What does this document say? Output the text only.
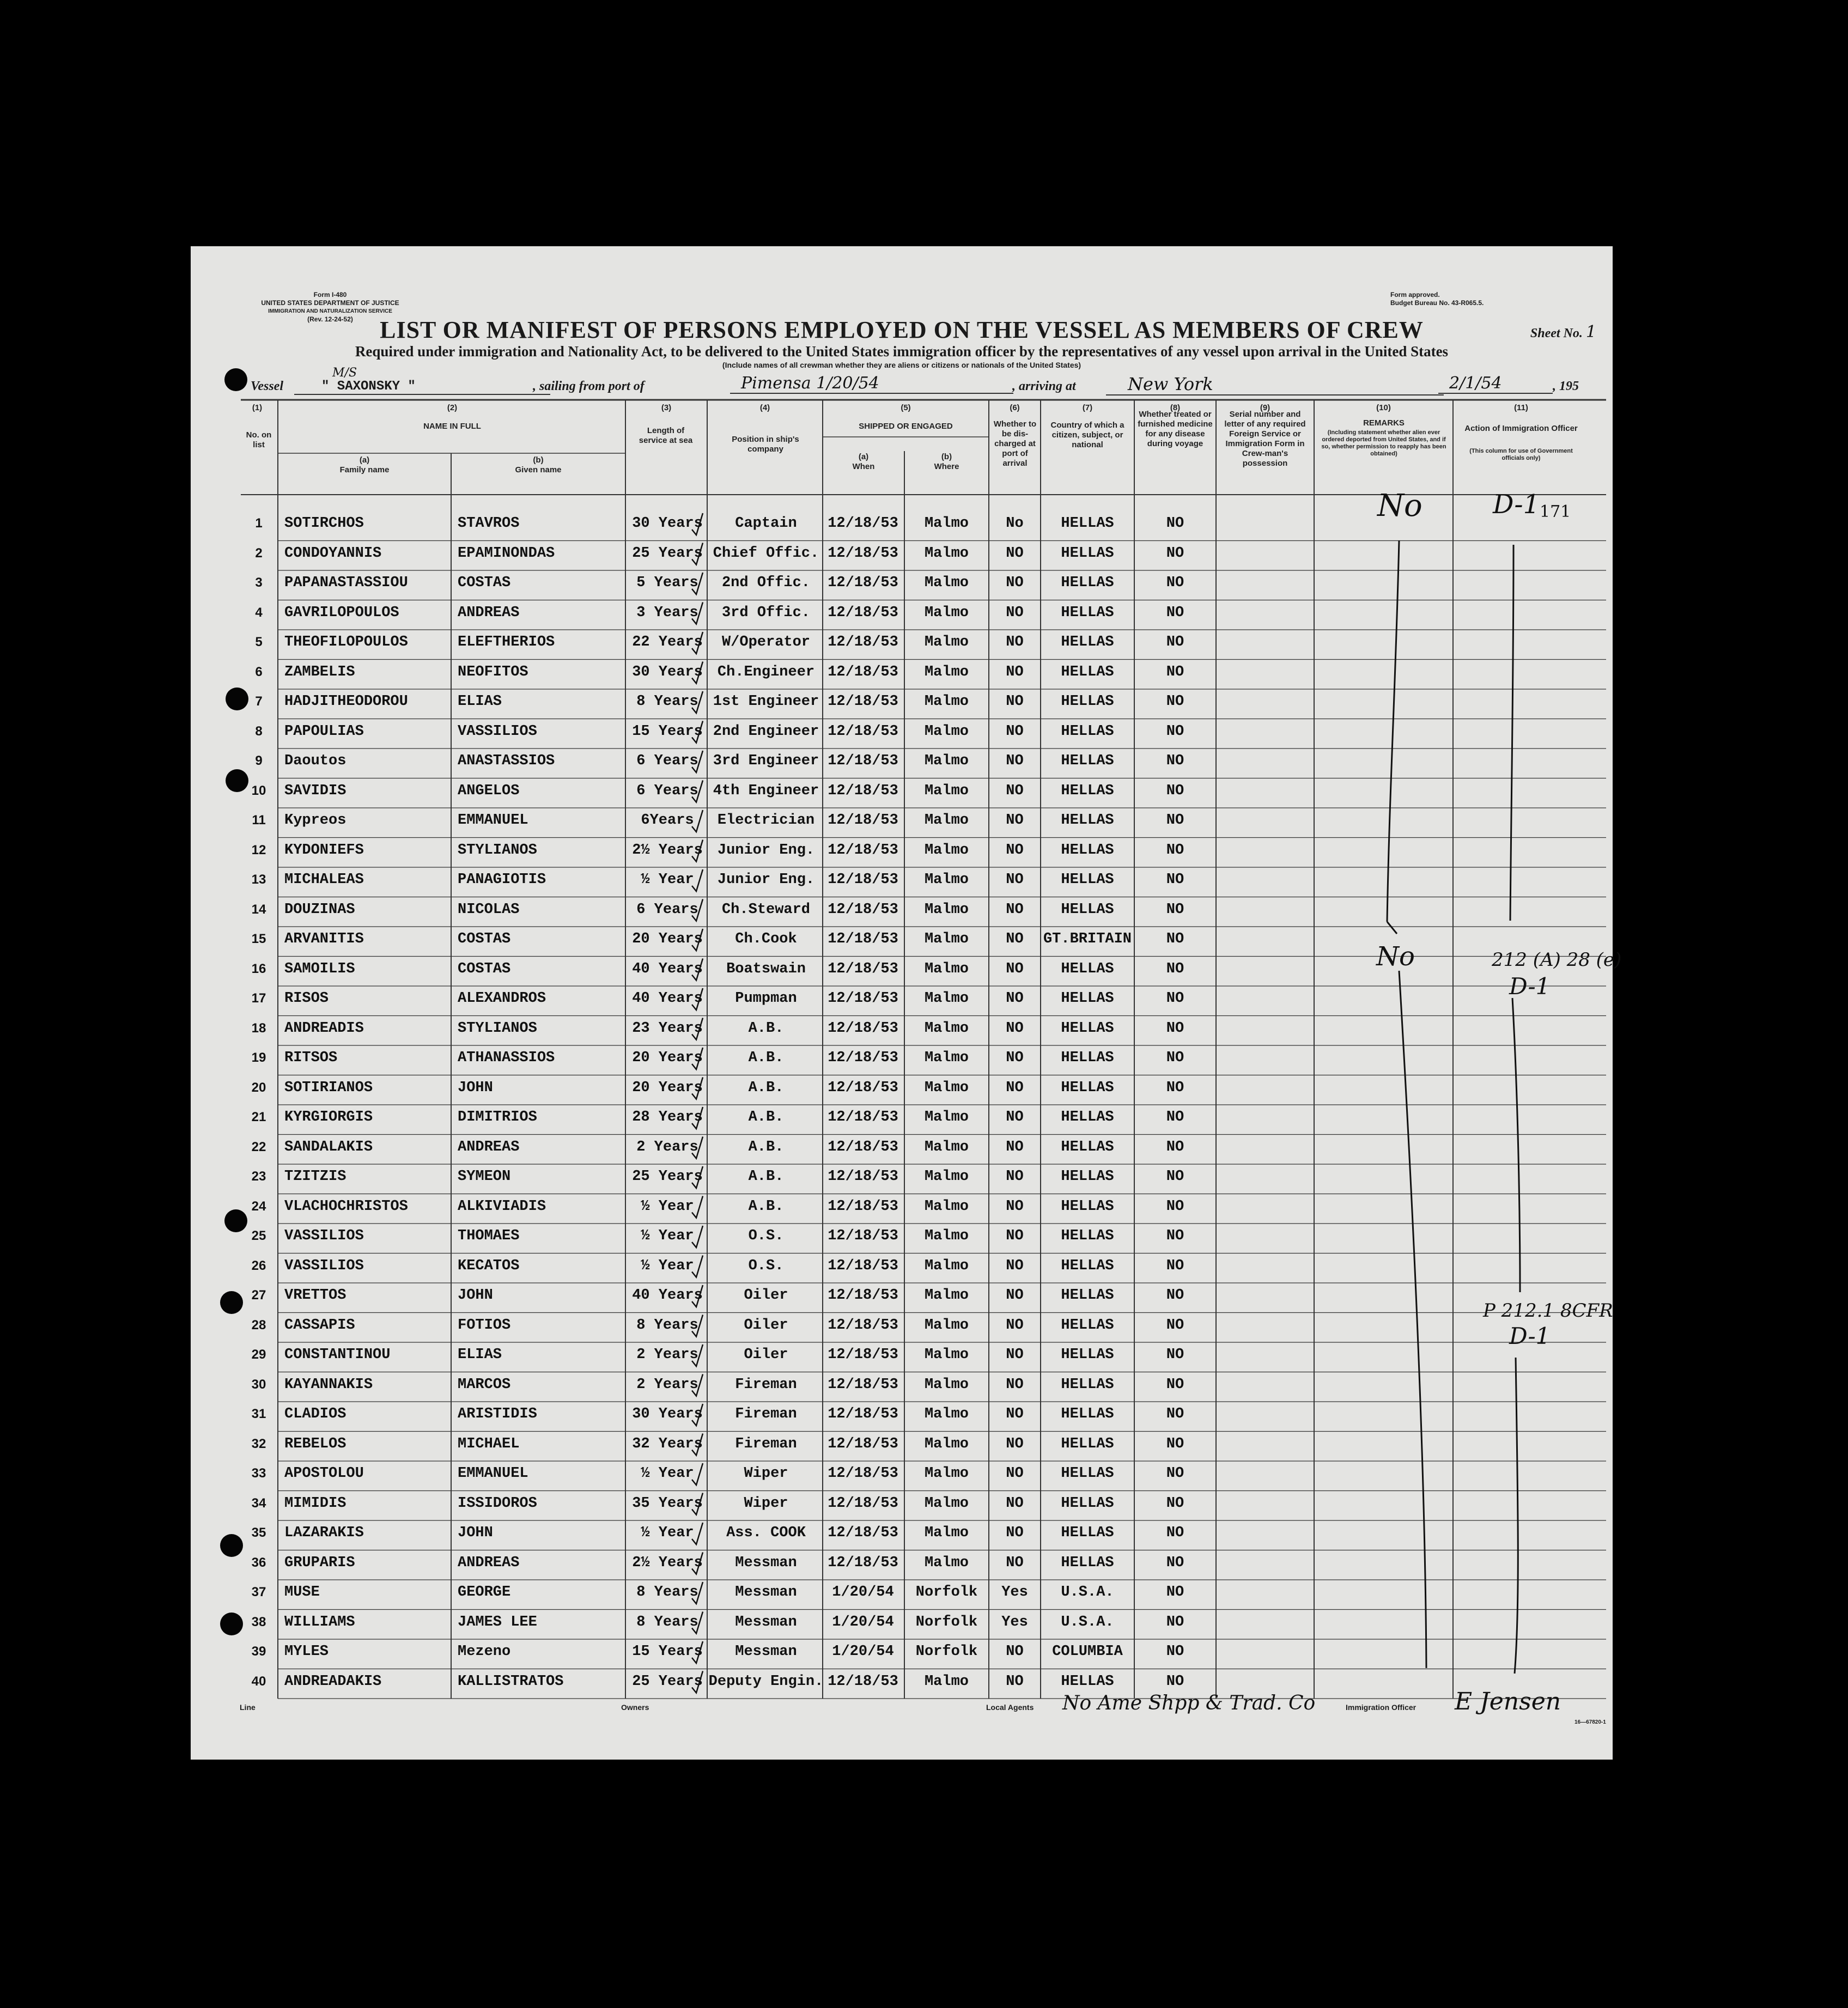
Form I-480
UNITED STATES DEPARTMENT OF JUSTICE
IMMIGRATION AND NATURALIZATION SERVICE
(Rev. 12-24-52)
Form approved.
Budget Bureau No. 43-R065.5.
LIST OR MANIFEST OF PERSONS EMPLOYED ON THE VESSEL AS MEMBERS OF CREW	Sheet No. 1
Required under immigration and Nationality Act, to be delivered to the United States immigration officer by the representatives of any vessel upon arrival in the United States
(Include names of all crewman whether they are aliens or citizens or nationals of the United States)
Vessel
M/S
" SAXONSKY "	, sailing from port of	Pimensa 1/20/54	, arriving at	New York	2/1/54	, 195
(1)	(2)	(3)	(4)	(5)	(6)	(7)	(8)	(9)	(10)	(11)
No. on list
NAME IN FULL
(a)
Family name
(b)
Given name
Length of service at sea	Position in ship's company
SHIPPED OR ENGAGED
(a)
When
(b)
Where
Whether to be dis-charged at port of arrival
Country of which a citizen, subject, or national
Whether treated or furnished medicine for any disease during voyage
Serial number and letter of any required Foreign Service or Immigration Form in Crew-man's possession
REMARKS
(Including statement whether alien ever ordered deported from United States, and if so, whether permission to reapply has been obtained)
Action of Immigration Officer
(This column for use of Government officials only)
1	SOTIRCHOS	STAVROS	30 Years	Captain	12/18/53	Malmo	No	HELLAS	NO
2	CONDOYANNIS	EPAMINONDAS	25 Years Chief Offic. 12/18/53	Malmo	NO	HELLAS	NO
3	PAPANASTASSIOU	COSTAS	5 Years	2nd Offic.	12/18/53	Malmo	NO	HELLAS	NO
4	GAVRILOPOULOS	ANDREAS	3 Years	3rd Offic.	12/18/53	Malmo	NO	HELLAS	NO
5	THEOFILOPOULOS	ELEFTHERIOS	22 Years	W/Operator	12/18/53	Malmo	NO	HELLAS	NO
6	ZAMBELIS	NEOFITOS	30 Years	Ch.Engineer 12/18/53	Malmo	NO	HELLAS	NO
7	HADJITHEODOROU	ELIAS	8 Years	1st Engineer 12/18/53	Malmo	NO	HELLAS	NO
8	PAPOULIAS	VASSILIOS	15 Years 2nd Engineer 12/18/53	Malmo	NO	HELLAS	NO
9	Daoutos	ANASTASSIOS	6 Years	3rd Engineer 12/18/53	Malmo	NO	HELLAS	NO
10	SAVIDIS	ANGELOS	6 Years	4th Engineer 12/18/53	Malmo	NO	HELLAS	NO
11	Kypreos	EMMANUEL	6Years	Electrician 12/18/53	Malmo	NO	HELLAS	NO
12	KYDONIEFS	STYLIANOS	2½ Years	Junior Eng. 12/18/53	Malmo	NO	HELLAS	NO
13	MICHALEAS	PANAGIOTIS	½ Year	Junior Eng. 12/18/53	Malmo	NO	HELLAS	NO
14	DOUZINAS	NICOLAS	6 Years	Ch.Steward	12/18/53	Malmo	NO	HELLAS	NO
15	ARVANITIS	COSTAS	20 Years	Ch.Cook	12/18/53	Malmo	NO	GT.BRITAIN	NO
16	SAMOILIS	COSTAS	40 Years	Boatswain	12/18/53	Malmo	NO	HELLAS	NO
17	RISOS	ALEXANDROS	40 Years	Pumpman	12/18/53	Malmo	NO	HELLAS	NO
18	ANDREADIS	STYLIANOS	23 Years	A.B.	12/18/53	Malmo	NO	HELLAS	NO
19	RITSOS	ATHANASSIOS	20 Years	A.B.	12/18/53	Malmo	NO	HELLAS	NO
20	SOTIRIANOS	JOHN	20 Years	A.B.	12/18/53	Malmo	NO	HELLAS	NO
21	KYRGIORGIS	DIMITRIOS	28 Years	A.B.	12/18/53	Malmo	NO	HELLAS	NO
22	SANDALAKIS	ANDREAS	2 Years	A.B.	12/18/53	Malmo	NO	HELLAS	NO
23	TZITZIS	SYMEON	25 Years	A.B.	12/18/53	Malmo	NO	HELLAS	NO
24	VLACHOCHRISTOS	ALKIVIADIS	½ Year	A.B.	12/18/53	Malmo	NO	HELLAS	NO
25	VASSILIOS	THOMAES	½ Year	O.S.	12/18/53	Malmo	NO	HELLAS	NO
26	VASSILIOS	KECATOS	½ Year	O.S.	12/18/53	Malmo	NO	HELLAS	NO
27	VRETTOS	JOHN	40 Years	Oiler	12/18/53	Malmo	NO	HELLAS	NO
28	CASSAPIS	FOTIOS	8 Years	Oiler	12/18/53	Malmo	NO	HELLAS	NO
29	CONSTANTINOU	ELIAS	2 Years	Oiler	12/18/53	Malmo	NO	HELLAS	NO
30	KAYANNAKIS	MARCOS	2 Years	Fireman	12/18/53	Malmo	NO	HELLAS	NO
31	CLADIOS	ARISTIDIS	30 Years	Fireman	12/18/53	Malmo	NO	HELLAS	NO
32	REBELOS	MICHAEL	32 Years	Fireman	12/18/53	Malmo	NO	HELLAS	NO
33	APOSTOLOU	EMMANUEL	½ Year	Wiper	12/18/53	Malmo	NO	HELLAS	NO
34	MIMIDIS	ISSIDOROS	35 Years	Wiper	12/18/53	Malmo	NO	HELLAS	NO
35	LAZARAKIS	JOHN	½ Year	Ass. COOK	12/18/53	Malmo	NO	HELLAS	NO
36	GRUPARIS	ANDREAS	2½ Years	Messman	12/18/53	Malmo	NO	HELLAS	NO
37	MUSE	GEORGE	8 Years	Messman	1/20/54	Norfolk	Yes	U.S.A.	NO
38	WILLIAMS	JAMES LEE	8 Years	Messman	1/20/54	Norfolk	Yes	U.S.A.	NO
39	MYLES	Mezeno	15 Years	Messman	1/20/54	Norfolk	NO	COLUMBIA	NO
40	ANDREADAKIS	KALLISTRATOS	25 Years Deputy Engin. 12/18/53	Malmo	NO	HELLAS	NO
No	D-1 171
No	212 (A) 28 (e)
D-1
P 212.1 8CFR
D-1
Line	Owners	Local Agents No Ame Shpp & Trad. Co	Immigration Officer E Jensen
16—67820-1
